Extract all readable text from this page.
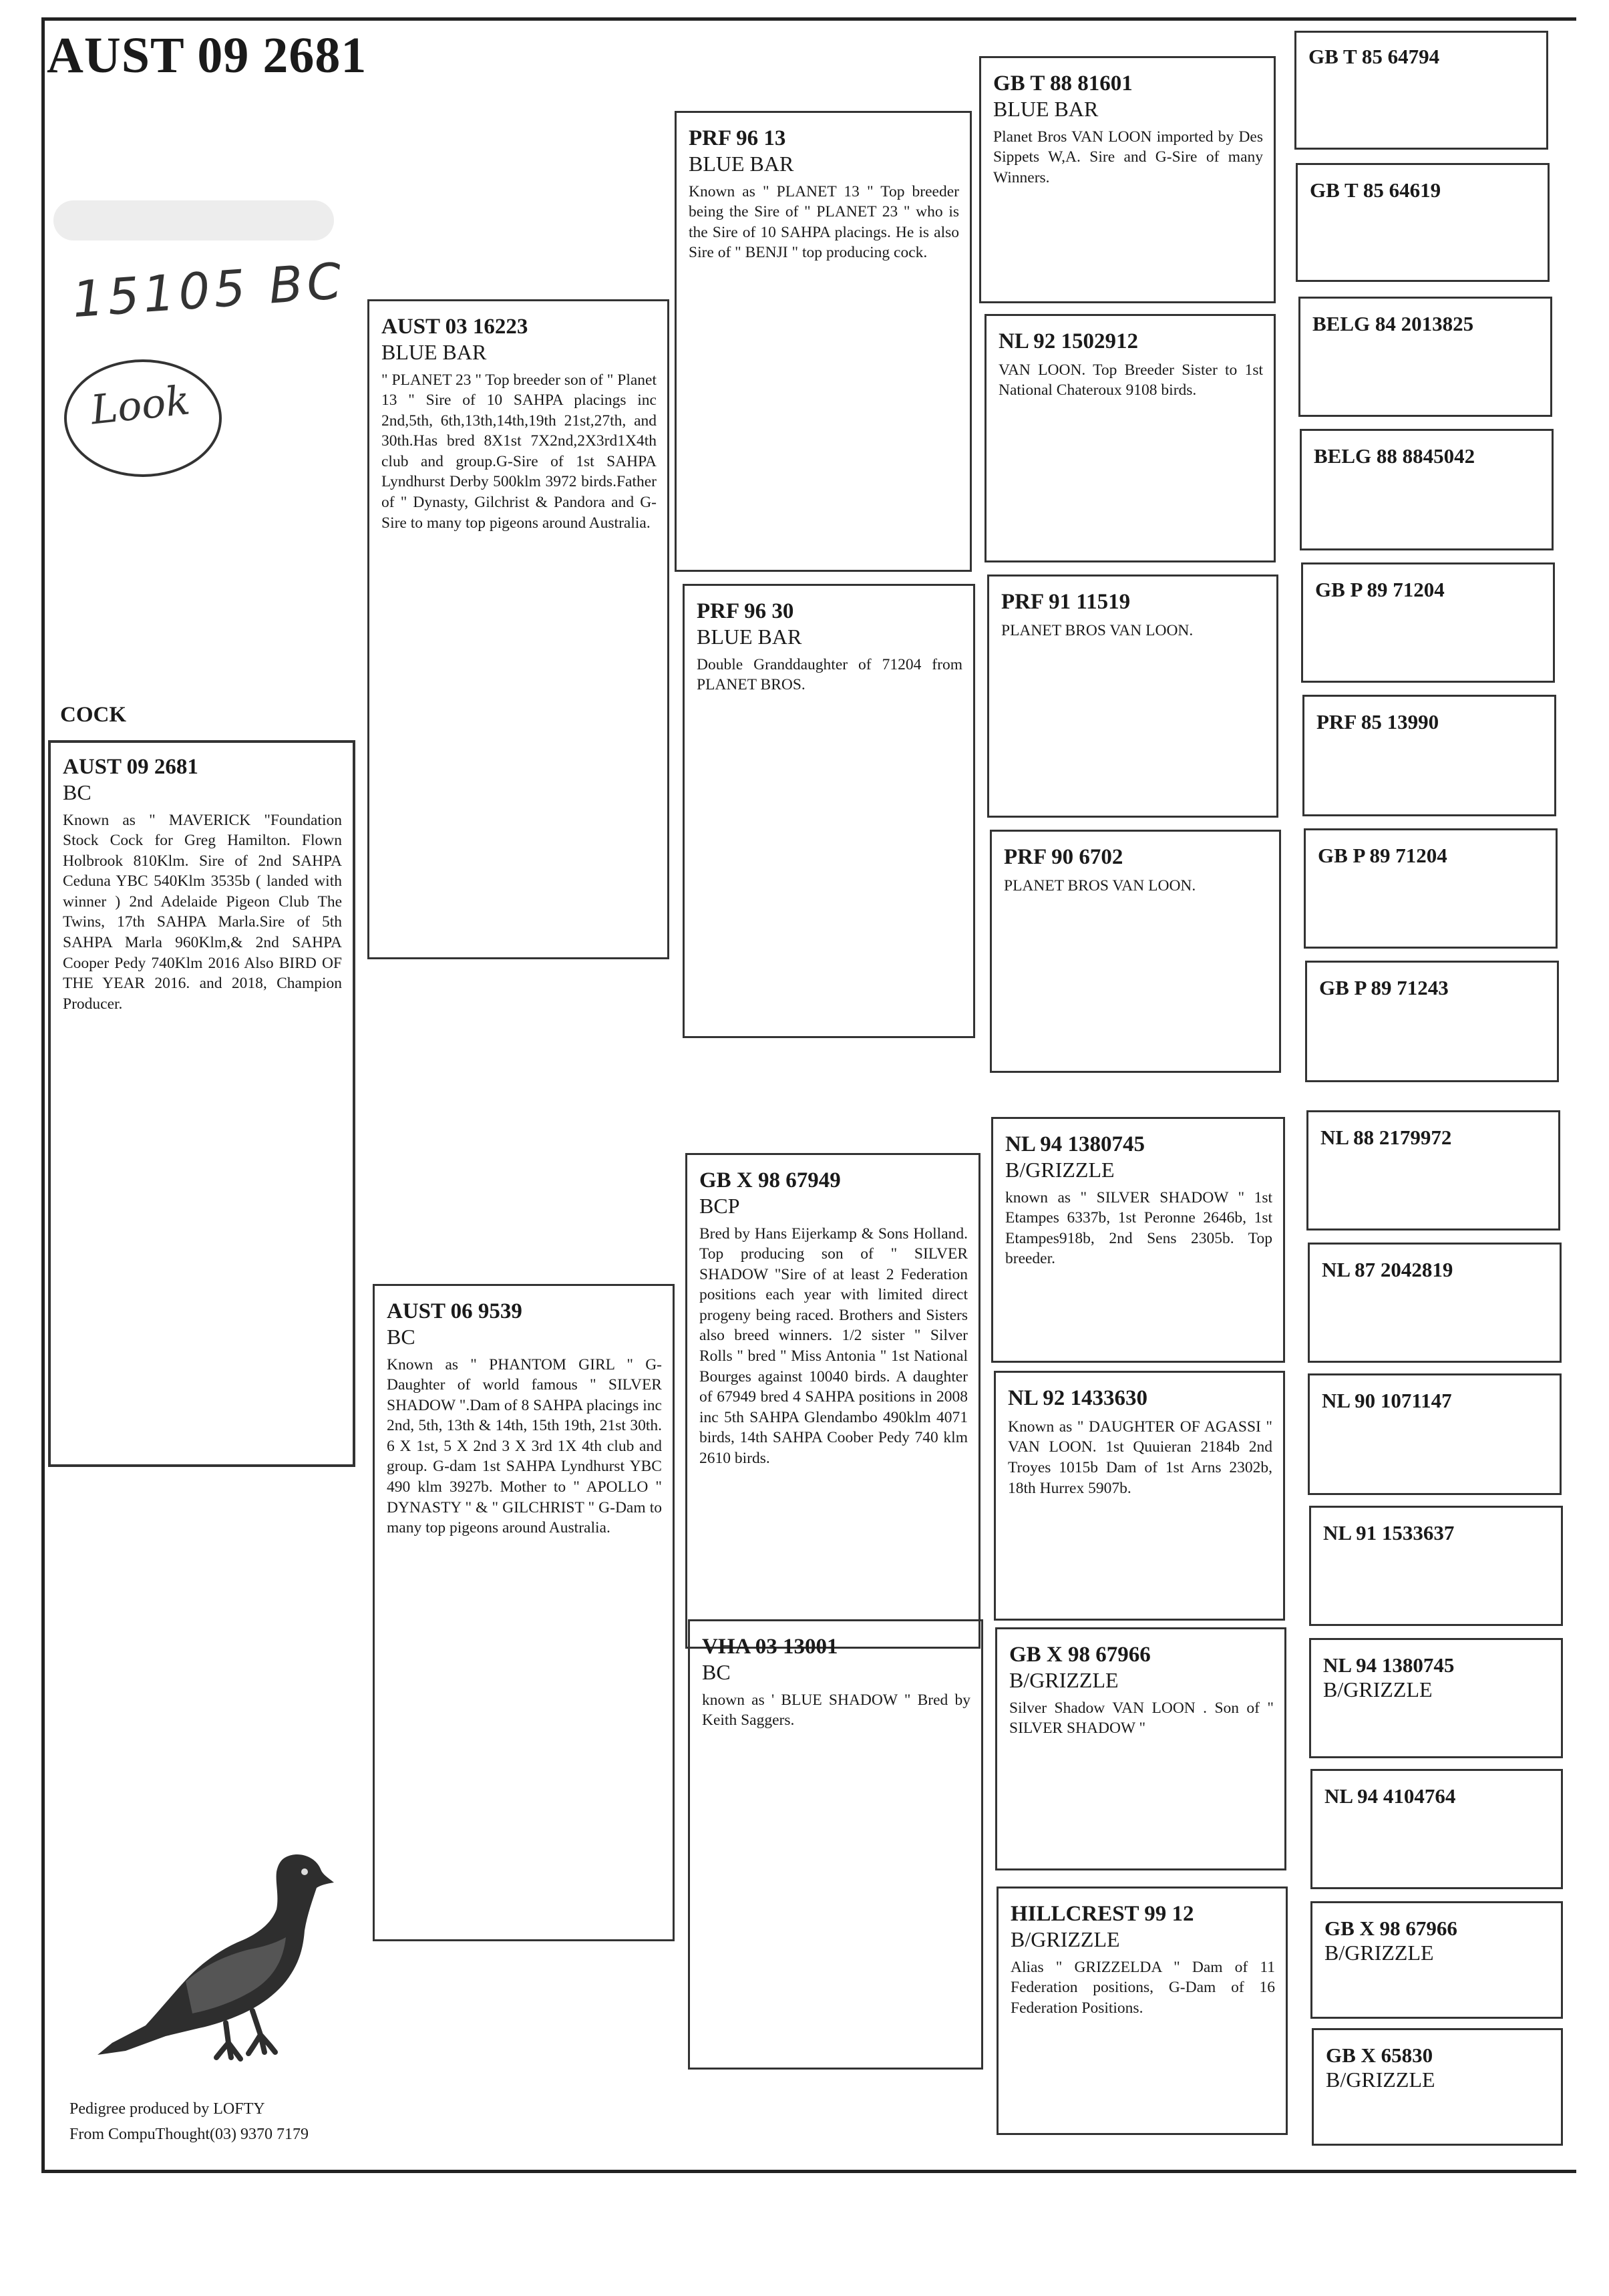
AUST 09 2681
15105 BC
Look
COCK
AUST 09 2681
BC
Known as " MAVERICK "Foundation Stock Cock for Greg Hamilton. Flown Holbrook 810Klm. Sire of 2nd SAHPA Ceduna YBC 540Klm 3535b ( landed with winner ) 2nd Adelaide Pigeon Club The Twins, 17th SAHPA Marla.Sire of 5th SAHPA Marla 960Klm,& 2nd SAHPA Cooper Pedy 740Klm 2016 Also BIRD OF THE YEAR 2016. and 2018, Champion Producer.
AUST 03 16223
BLUE BAR
" PLANET 23 " Top breeder son of " Planet 13 " Sire of 10 SAHPA placings inc 2nd,5th, 6th,13th,14th,19th 21st,27th, and 30th.Has bred 8X1st 7X2nd,2X3rd1X4th club and group.G-Sire of 1st SAHPA Lyndhurst Derby 500klm 3972 birds.Father of " Dynasty, Gilchrist & Pandora and G-Sire to many top pigeons around Australia.
AUST 06 9539
BC
Known as " PHANTOM GIRL " G-Daughter of world famous " SILVER SHADOW ".Dam of 8 SAHPA placings inc 2nd, 5th, 13th & 14th, 15th 19th, 21st 30th. 6 X 1st, 5 X 2nd 3 X 3rd 1X 4th club and group. G-dam 1st SAHPA Lyndhurst YBC 490 klm 3927b. Mother to " APOLLO " DYNASTY " & " GILCHRIST " G-Dam to many top pigeons around Australia.
PRF 96 13
BLUE BAR
Known as " PLANET 13 " Top breeder being the Sire of " PLANET 23 " who is the Sire of 10 SAHPA placings. He is also Sire of " BENJI " top producing cock.
PRF 96 30
BLUE BAR
Double Granddaughter of 71204 from PLANET BROS.
GB X 98 67949
BCP
Bred by Hans Eijerkamp & Sons Holland. Top producing son of " SILVER SHADOW "Sire of at least 2 Federation positions each year with limited direct progeny being raced. Brothers and Sisters also breed winners. 1/2 sister " Silver Rolls " bred " Miss Antonia " 1st National Bourges against 10040 birds. A daughter of 67949 bred 4 SAHPA positions in 2008 inc 5th SAHPA Glendambo 490klm 4071 birds, 14th SAHPA Coober Pedy 740 klm 2610 birds.
VHA 03 13001
BC
known as ' BLUE SHADOW " Bred by Keith Saggers.
GB T 88 81601
BLUE BAR
Planet Bros VAN LOON imported by Des Sippets W,A. Sire and G-Sire of many Winners.
NL 92 1502912
VAN LOON. Top Breeder Sister to 1st National Chateroux 9108 birds.
PRF 91 11519
PLANET BROS VAN LOON.
PRF 90 6702
PLANET BROS VAN LOON.
NL 94 1380745
B/GRIZZLE
known as " SILVER SHADOW " 1st Etampes 6337b, 1st Peronne 2646b, 1st Etampes918b, 2nd Sens 2305b. Top breeder.
NL 92 1433630
Known as " DAUGHTER OF AGASSI " VAN LOON. 1st Quuieran 2184b 2nd Troyes 1015b Dam of 1st Arns 2302b, 18th Hurrex 5907b.
GB X 98 67966
B/GRIZZLE
Silver Shadow VAN LOON . Son of " SILVER SHADOW "
HILLCREST 99 12
B/GRIZZLE
Alias " GRIZZELDA " Dam of 11 Federation positions, G-Dam of 16 Federation Positions.
GB T 85 64794
GB T 85 64619
BELG 84 2013825
BELG 88 8845042
GB P 89 71204
PRF 85 13990
GB P 89 71204
GB P 89 71243
NL 88 2179972
NL 87 2042819
NL 90 1071147
NL 91 1533637
NL 94 1380745
B/GRIZZLE
NL 94 4104764
GB X 98 67966
B/GRIZZLE
GB X 65830
B/GRIZZLE
Pedigree produced by LOFTY
From CompuThought(03) 9370 7179
